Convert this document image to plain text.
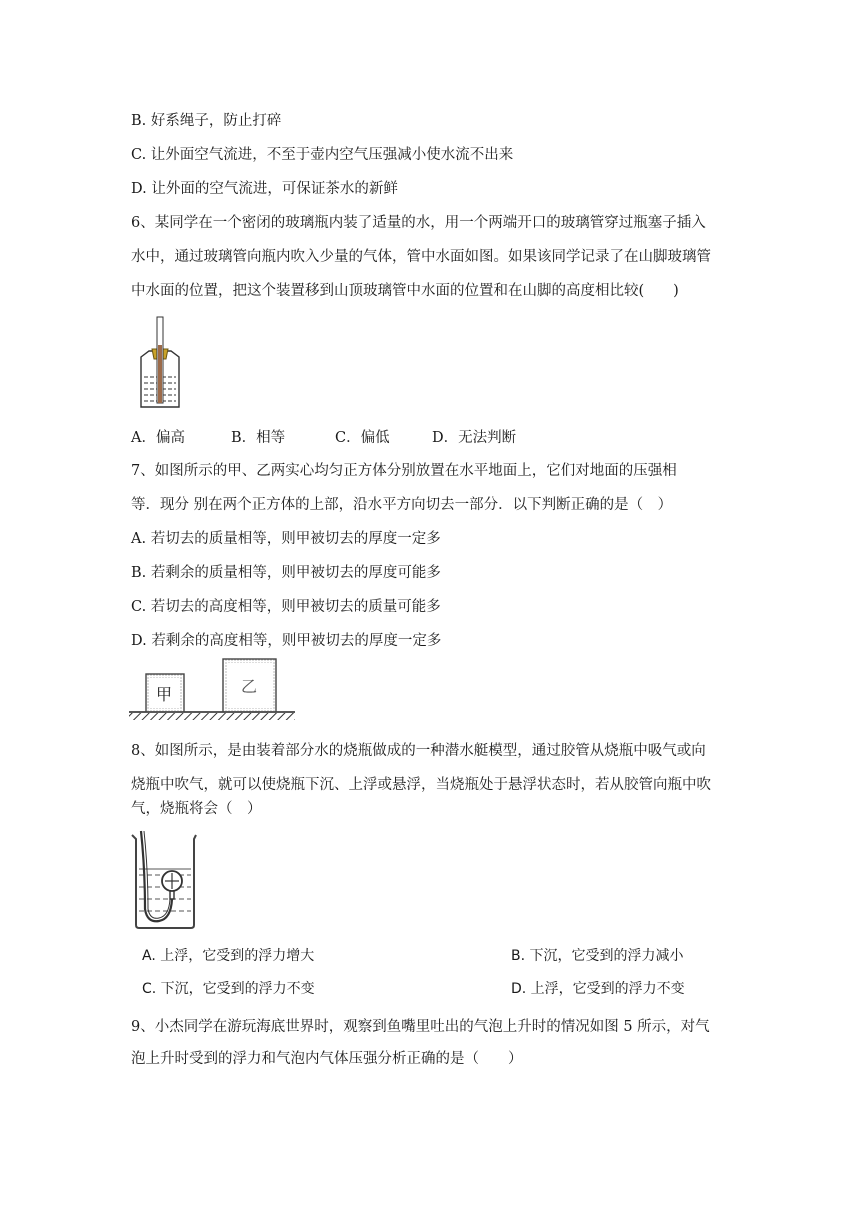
B. 好系绳子，防止打碎
C. 让外面空气流进，不至于壶内空气压强减小使水流不出来
D. 让外面的空气流进，可保证茶水的新鲜
6、某同学在一个密闭的玻璃瓶内装了适量的水，用一个两端开口的玻璃管穿过瓶塞子插入
水中，通过玻璃管向瓶内吹入少量的气体，管中水面如图。如果该同学记录了在山脚玻璃管
中水面的位置，把这个装置移到山顶玻璃管中水面的位置和在山脚的高度相比较(　　)
A．偏高	B．相等	C．偏低	D．无法判断
7、如图所示的甲、乙两实心均匀正方体分别放置在水平地面上，它们对地面的压强相
等．现分 别在两个正方体的上部，沿水平方向切去一部分．以下判断正确的是（　）
A. 若切去的质量相等，则甲被切去的厚度一定多
B. 若剩余的质量相等，则甲被切去的厚度可能多
C. 若切去的高度相等，则甲被切去的质量可能多
D. 若剩余的高度相等，则甲被切去的厚度一定多
甲	乙
8、如图所示，是由装着部分水的烧瓶做成的一种潜水艇模型，通过胶管从烧瓶中吸气或向
烧瓶中吹气，就可以使烧瓶下沉、上浮或悬浮，当烧瓶处于悬浮状态时，若从胶管向瓶中吹
气，烧瓶将会（　）
A. 上浮，它受到的浮力增大	B. 下沉，它受到的浮力减小
C. 下沉，它受到的浮力不变	D. 上浮，它受到的浮力不变
9、小杰同学在游玩海底世界时，观察到鱼嘴里吐出的气泡上升时的情况如图 5 所示，对气
泡上升时受到的浮力和气泡内气体压强分析正确的是（　　）
